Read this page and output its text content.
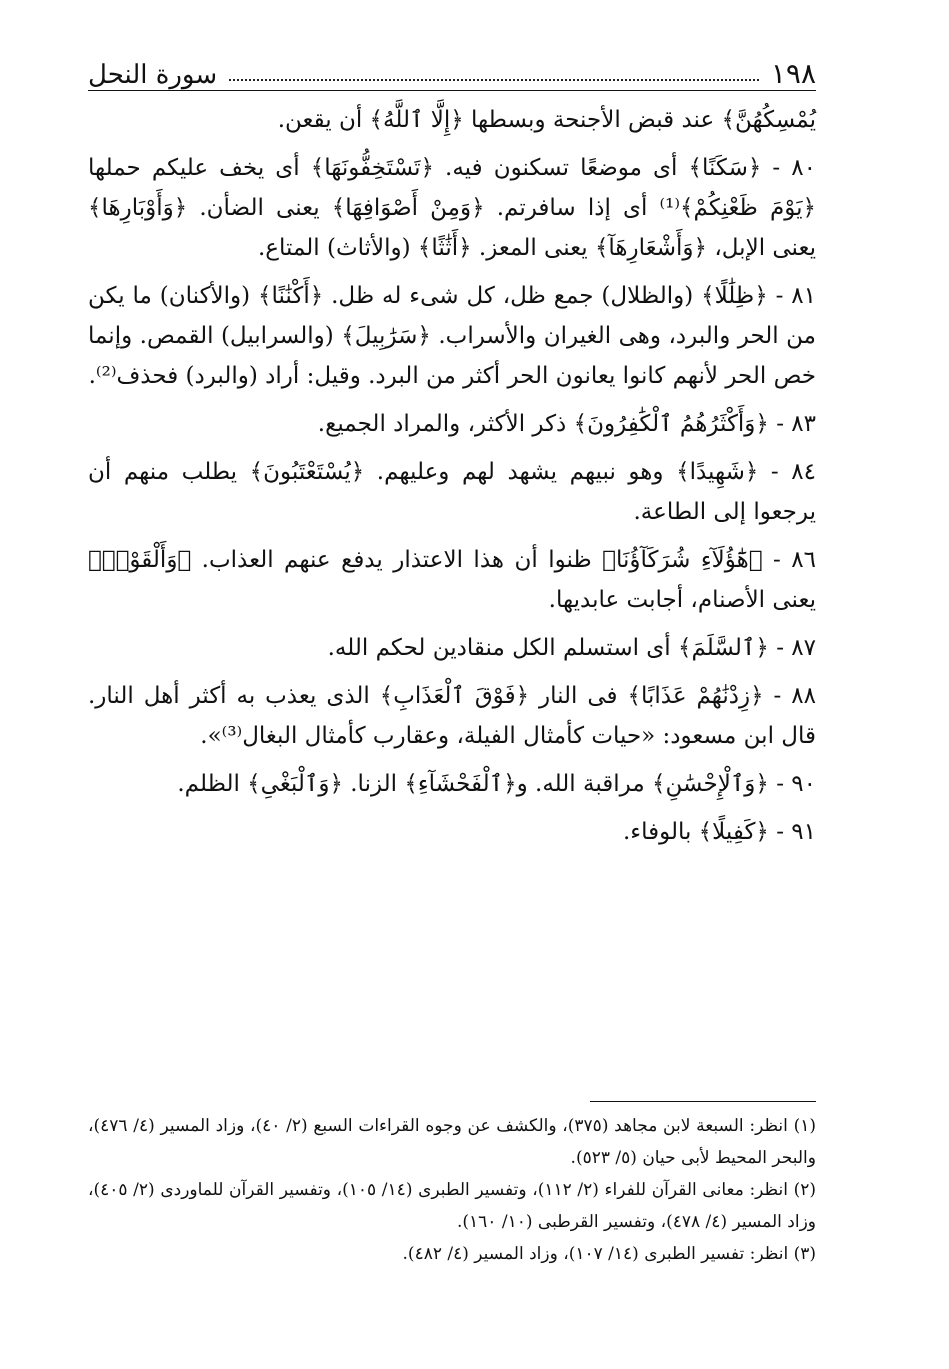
١٩٨
سورة النحل

يُمْسِكُهُنَّ﴾ عند قبض الأجنحة وبسطها ﴿إِلَّا ٱللَّهُ﴾ أن يقعن.

٨٠ - ﴿سَكَنًا﴾ أى موضعًا تسكنون فيه. ﴿تَسْتَخِفُّونَهَا﴾ أى يخف عليكم حملها ﴿يَوْمَ ظَعْنِكُمْ﴾⁽¹⁾ أى إذا سافرتم. ﴿وَمِنْ أَصْوَافِهَا﴾ يعنى الضأن. ﴿وَأَوْبَارِهَا﴾ يعنى الإبل، ﴿وَأَشْعَارِهَآ﴾ يعنى المعز. ﴿أَثَٰثًا﴾ (والأثاث) المتاع.

٨١ - ﴿ظِلَٰلًا﴾ (والظلال) جمع ظل، كل شىء له ظل. ﴿أَكْنَٰنًا﴾ (والأكنان) ما يكن من الحر والبرد، وهى الغيران والأسراب. ﴿سَرَٰبِيلَ﴾ (والسرابيل) القمص. وإنما خص الحر لأنهم كانوا يعانون الحر أكثر من البرد. وقيل: أراد (والبرد) فحذف⁽²⁾.

٨٣ - ﴿وَأَكْثَرُهُمُ ٱلْكَٰفِرُونَ﴾ ذكر الأكثر، والمراد الجميع.

٨٤ - ﴿شَهِيدًا﴾ وهو نبيهم يشهد لهم وعليهم. ﴿يُسْتَعْتَبُونَ﴾ يطلب منهم أن يرجعوا إلى الطاعة.

٨٦ - ﴿هَٰٓؤُلَآءِ شُرَكَآؤُنَا﴾ ظنوا أن هذا الاعتذار يدفع عنهم العذاب. ﴿وَأَلْقَوْا۟﴾ يعنى الأصنام، أجابت عابديها.

٨٧ - ﴿ٱلسَّلَمَ﴾ أى استسلم الكل منقادين لحكم الله.

٨٨ - ﴿زِدْنَٰهُمْ عَذَابًا﴾ فى النار ﴿فَوْقَ ٱلْعَذَابِ﴾ الذى يعذب به أكثر أهل النار. قال ابن مسعود: «حيات كأمثال الفيلة، وعقارب كأمثال البغال⁽³⁾».

٩٠ - ﴿وَٱلْإِحْسَٰنِ﴾ مراقبة الله. و﴿ٱلْفَحْشَآءِ﴾ الزنا. ﴿وَٱلْبَغْىِ﴾ الظلم.

٩١ - ﴿كَفِيلًا﴾ بالوفاء.

(١) انظر: السبعة لابن مجاهد (٣٧٥)، والكشف عن وجوه القراءات السبع (٢/ ٤٠)، وزاد المسير (٤/ ٤٧٦)، والبحر المحيط لأبى حيان (٥/ ٥٢٣).

(٢) انظر: معانى القرآن للفراء (٢/ ١١٢)، وتفسير الطبرى (١٤/ ١٠٥)، وتفسير القرآن للماوردى (٢/ ٤٠٥)، وزاد المسير (٤/ ٤٧٨)، وتفسير القرطبى (١٠/ ١٦٠).

(٣) انظر: تفسير الطبرى (١٤/ ١٠٧)، وزاد المسير (٤/ ٤٨٢).
